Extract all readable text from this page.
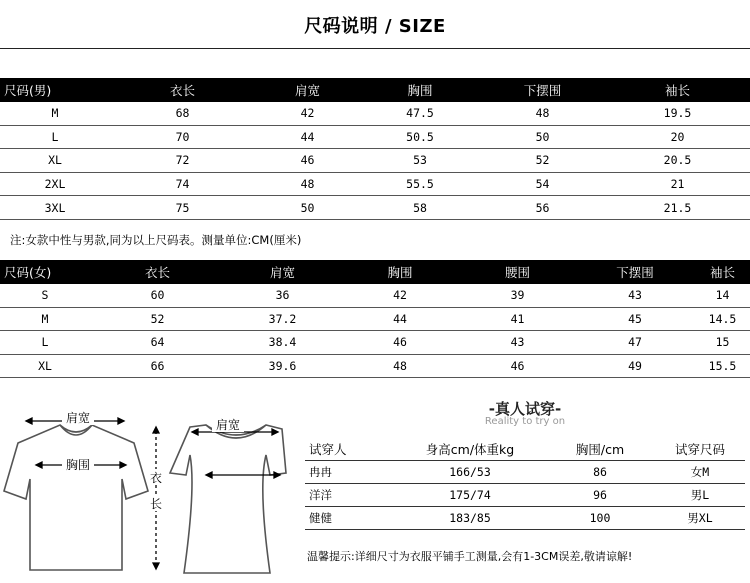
尺码说明 / SIZE
尺码(男)	衣长	肩宽	胸围	下摆围	袖长
M	68	42	47.5	48	19.5
L	70	44	50.5	50	20
XL	72	46	53	52	20.5
2XL	74	48	55.5	54	21
3XL	75	50	58	56	21.5
注:女款中性与男款,同为以上尺码表。测量单位:CM(厘米)
尺码(女)	衣长	肩宽	胸围	腰围	下摆围	袖长
S	60	36	42	39	43	14
M	52	37.2	44	41	45	14.5
L	64	38.4	46	43	47	15
XL	66	39.6	48	46	49	15.5
肩宽
胸围
衣
长
肩宽
-真人试穿-
Reality to try on
试穿人	身高cm/体重kg	胸围/cm	试穿尺码
冉冉	166/53	86	女M
洋洋	175/74	96	男L
健健	183/85	100	男XL
温馨提示:详细尺寸为衣服平铺手工测量,会有1-3CM误差,敬请谅解!
